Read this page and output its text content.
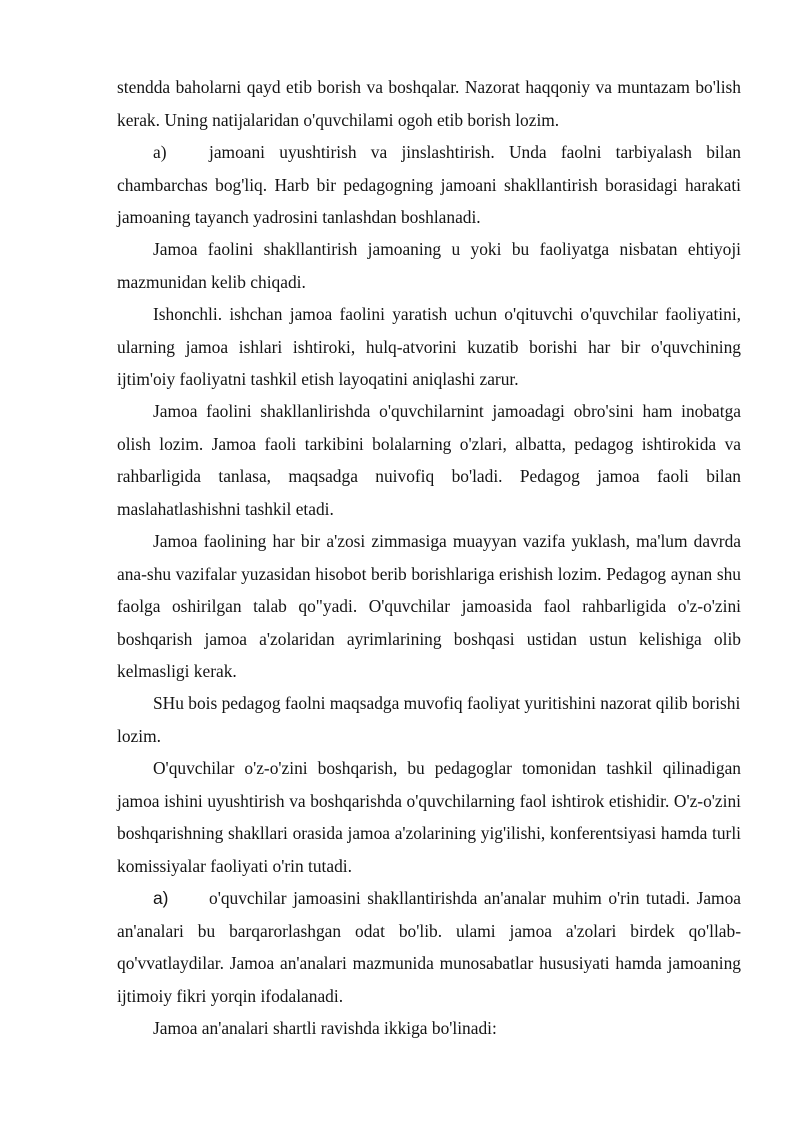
stendda baholarni qayd etib borish va boshqalar. Nazorat haqqoniy va muntazam bo'lish kerak. Uning natijalaridan o'quvchilami ogoh etib borish lozim.

a) jamoani uyushtirish va jinslashtirish. Unda faolni tarbiyalash bilan chambarchas bog'liq. Harb bir pedagogning jamoani shakllantirish borasidagi harakati jamoaning tayanch yadrosini tanlashdan boshlanadi.

Jamoa faolini shakllantirish jamoaning u yoki bu faoliyatga nisbatan ehtiyoji mazmunidan kelib chiqadi.

Ishonchli. ishchan jamoa faolini yaratish uchun o'qituvchi o'quvchilar faoliyatini, ularning jamoa ishlari ishtiroki, hulq-atvorini kuzatib borishi har bir o'quvchining ijtim'oiy faoliyatni tashkil etish layoqatini aniqlashi zarur.

Jamoa faolini shakllanlirishda o'quvchilarnint jamoadagi obro'sini ham inobatga olish lozim. Jamoa faoli tarkibini bolalarning o'zlari, albatta, pedagog ishtirokida va rahbarligida tanlasa, maqsadga nuivofiq bo'ladi. Pedagog jamoa faoli bilan maslahatlashishni tashkil etadi.

Jamoa faolining har bir a'zosi zimmasiga muayyan vazifa yuklash, ma'lum davrda ana-shu vazifalar yuzasidan hisobot berib borishlariga erishish lozim. Pedagog aynan shu faolga oshirilgan talab qo"yadi. O'quvchilar jamoasida faol rahbarligida o'z-o'zini boshqarish jamoa a'zolaridan ayrimlarining boshqasi ustidan ustun kelishiga olib kelmasligi kerak.

SHu bois pedagog faolni maqsadga muvofiq faoliyat yuritishini nazorat qilib borishi lozim.

O'quvchilar o'z-o'zini boshqarish, bu pedagoglar tomonidan tashkil qilinadigan jamoa ishini uyushtirish va boshqarishda o'quvchilarning faol ishtirok etishidir. O'z-o'zini boshqarishning shakllari orasida jamoa a'zolarining yig'ilishi, konferentsiyasi hamda turli komissiyalar faoliyati o'rin tutadi.

a) o'quvchilar jamoasini shakllantirishda an'analar muhim o'rin tutadi. Jamoa an'analari bu barqarorlashgan odat bo'lib. ulami jamoa a'zolari birdek qo'llab-qo'vvatlaydilar. Jamoa an'analari mazmunida munosabatlar hususiyati hamda jamoaning ijtimoiy fikri yorqin ifodalanadi.

Jamoa an'analari shartli ravishda ikkiga bo'linadi:
